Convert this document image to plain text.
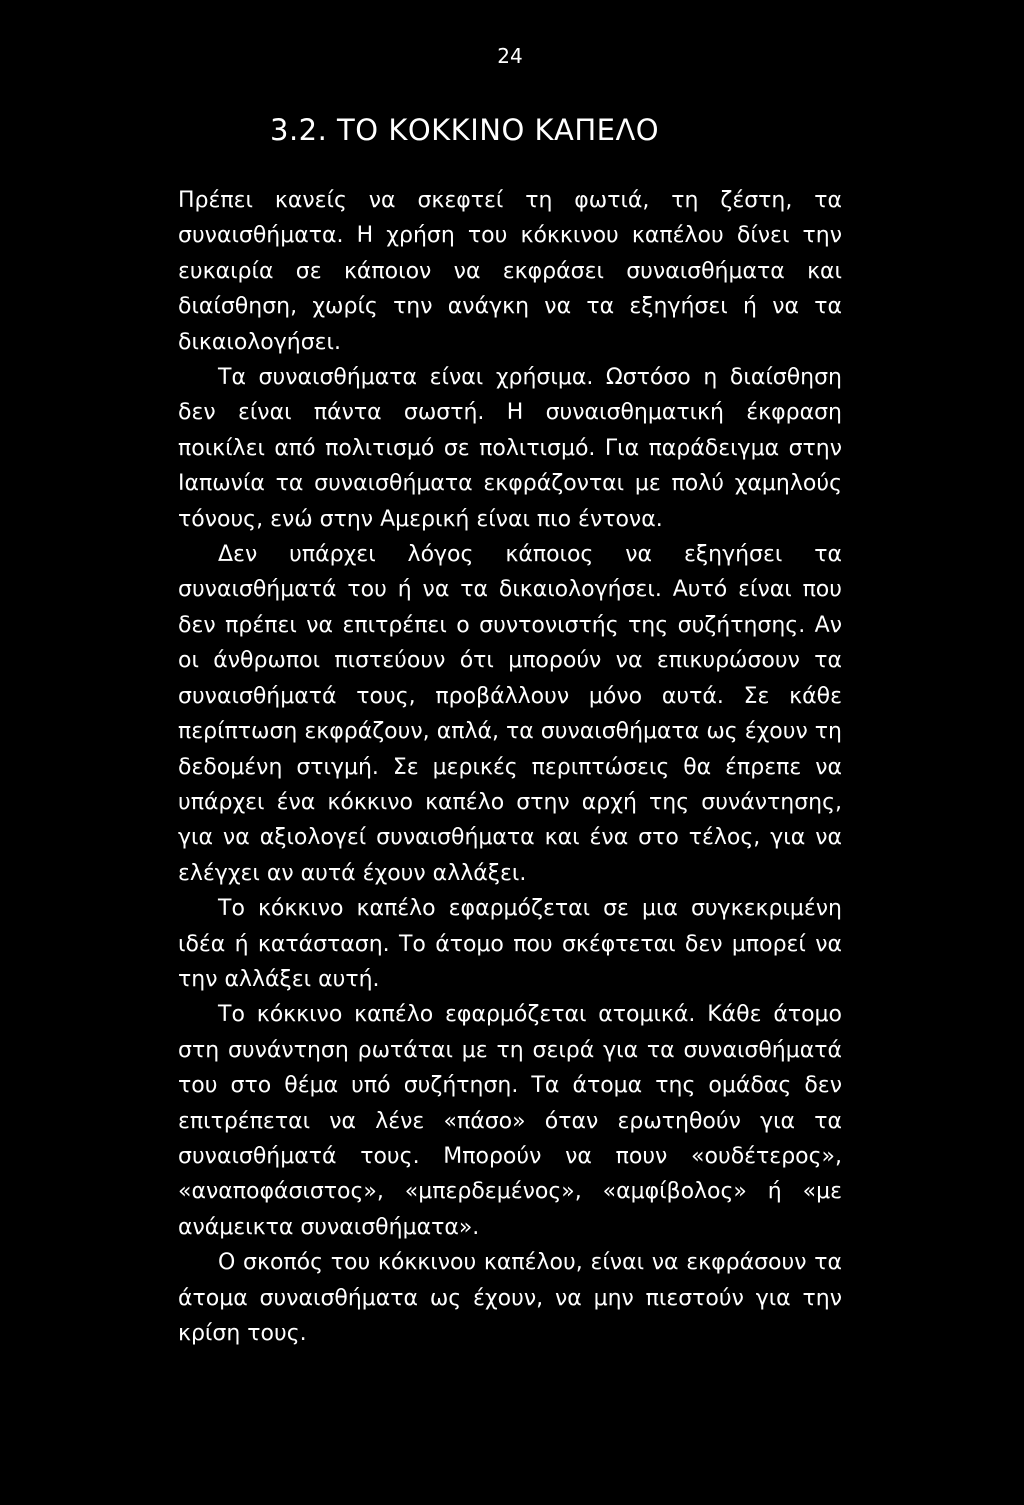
24
3.2. ΤΟ ΚΟΚΚΙΝΟ ΚΑΠΕΛΟ

Πρέπει κανείς να σκεφτεί τη φωτιά, τη ζέστη, τα συναισθήματα. Η χρήση του κόκκινου καπέλου δίνει την ευκαιρία σε κάποιον να εκφράσει συναισθήματα και διαίσθηση, χωρίς την ανάγκη να τα εξηγήσει ή να τα δικαιολογήσει.

Τα συναισθήματα είναι χρήσιμα. Ωστόσο η διαίσθηση δεν είναι πάντα σωστή. Η συναισθηματική έκφραση ποικίλει από πολιτισμό σε πολιτισμό. Για παράδειγμα στην Ιαπωνία τα συναισθήματα εκφράζονται με πολύ χαμηλούς τόνους, ενώ στην Αμερική είναι πιο έντονα.

Δεν υπάρχει λόγος κάποιος να εξηγήσει τα συναισθήματά του ή να τα δικαιολογήσει. Αυτό είναι που δεν πρέπει να επιτρέπει ο συντονιστής της συζήτησης. Αν οι άνθρωποι πιστεύουν ότι μπορούν να επικυρώσουν τα συναισθήματά τους, προβάλλουν μόνο αυτά. Σε κάθε περίπτωση εκφράζουν, απλά, τα συναισθήματα ως έχουν τη δεδομένη στιγμή. Σε μερικές περιπτώσεις θα έπρεπε να υπάρχει ένα κόκκινο καπέλο στην αρχή της συνάντησης, για να αξιολογεί συναισθήματα και ένα στο τέλος, για να ελέγχει αν αυτά έχουν αλλάξει.

Το κόκκινο καπέλο εφαρμόζεται σε μια συγκεκριμένη ιδέα ή κατάσταση. Το άτομο που σκέφτεται δεν μπορεί να την αλλάξει αυτή.

Το κόκκινο καπέλο εφαρμόζεται ατομικά. Κάθε άτομο στη συνάντηση ρωτάται με τη σειρά για τα συναισθήματά του στο θέμα υπό συζήτηση. Τα άτομα της ομάδας δεν επιτρέπεται να λένε «πάσο» όταν ερωτηθούν για τα συναισθήματά τους. Μπορούν να πουν «ουδέτερος», «αναποφάσιστος», «μπερδεμένος», «αμφίβολος» ή «με ανάμεικτα συναισθήματα».

Ο σκοπός του κόκκινου καπέλου, είναι να εκφράσουν τα άτομα συναισθήματα ως έχουν, να μην πιεστούν για την κρίση τους.
